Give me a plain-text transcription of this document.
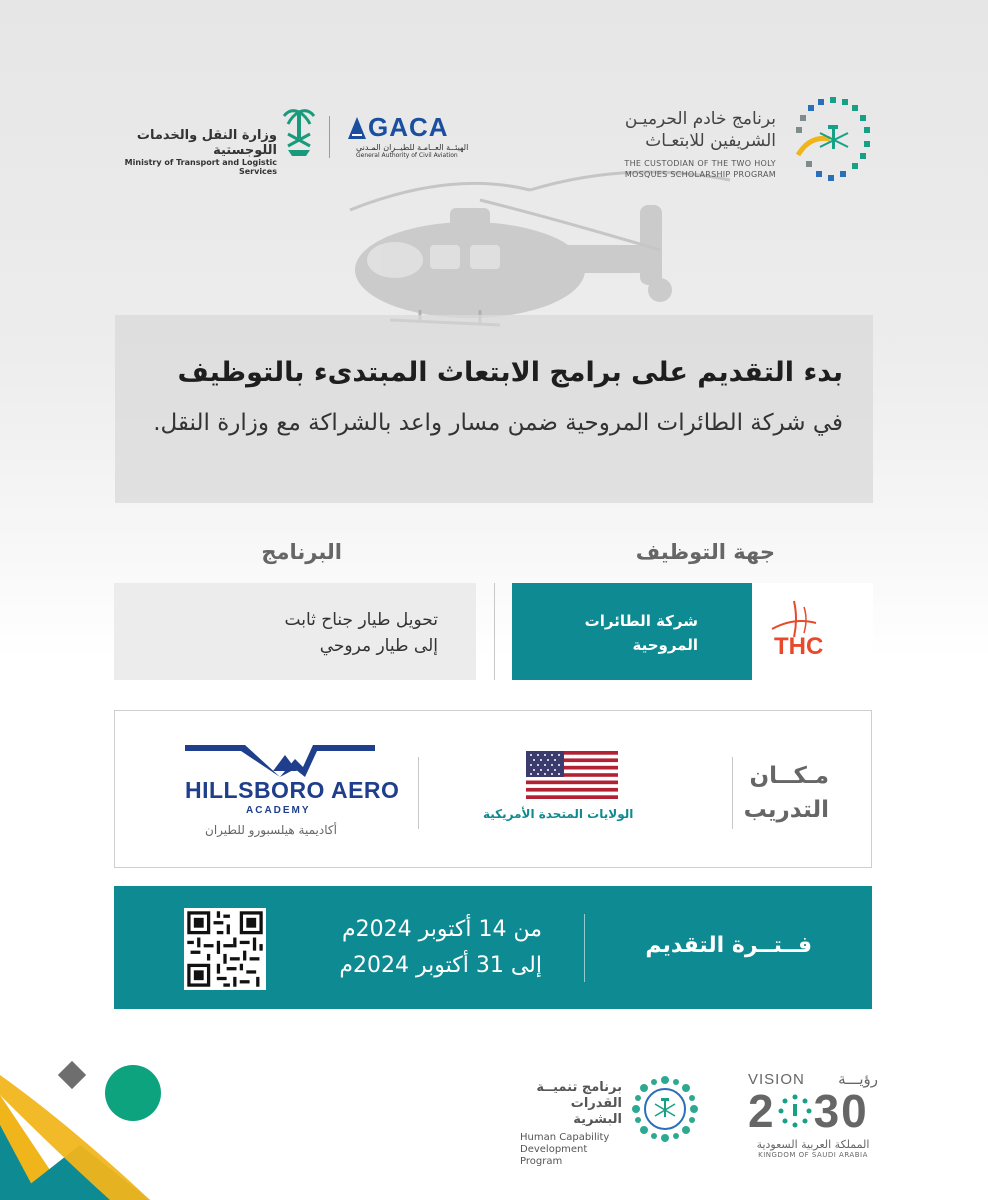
برنامج خادم الحرميـن
الشريفين للابتعـاث
THE CUSTODIAN OF THE TWO HOLY
MOSQUES SCHOLARSHIP PROGRAM
GACA
الهيئــة العــامـة للطيــران المـدني
General Authority of Civil Aviation
وزارة النقل والخدمات اللوجستية
Ministry of Transport and Logistic Services
بدء التقديم على برامج الابتعاث المبتدىء بالتوظيف
في شركة الطائرات المروحية ضمن مسار واعد بالشراكة مع وزارة النقل.
جهة التوظيف
البرنامج
تحويل طيار جناح ثابت
إلى طيار مروحي
شركة الطائرات
المروحية	THC
مـكــان
التدريب
الولايات المتحدة الأمريكية
HILLSBORO AERO
ACADEMY
أكاديمية هيلسبورو للطيران
فــتــرة التقديم
من 14 أكتوبر 2024م
إلى 31 أكتوبر 2024م
برنامج تنميــة
القدرات البشرية
Human Capability
Development Program
VISION رؤيـــة
2 30
المملكة العربية السعودية
KINGDOM OF SAUDI ARABIA
